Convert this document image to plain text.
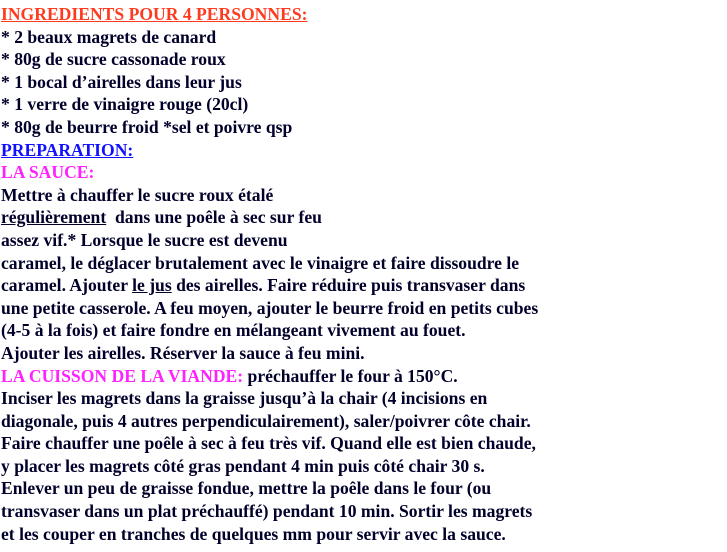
INGREDIENTS POUR 4 PERSONNES:
* 2 beaux magrets de canard
* 80g de sucre cassonade roux
* 1 bocal d’airelles dans leur jus
* 1 verre de vinaigre rouge (20cl)
* 80g de beurre froid *sel et poivre qsp
PREPARATION:
LA SAUCE:
Mettre à chauffer le sucre roux étalé
régulièrement  dans une poêle à sec sur feu
assez vif.* Lorsque le sucre est devenu
caramel, le déglacer brutalement avec le vinaigre et faire dissoudre le
caramel. Ajouter le jus des airelles. Faire réduire puis transvaser dans
une petite casserole. A feu moyen, ajouter le beurre froid en petits cubes
(4-5 à la fois) et faire fondre en mélangeant vivement au fouet.
Ajouter les airelles. Réserver la sauce à feu mini.
LA CUISSON DE LA VIANDE: préchauffer le four à 150°C.
Inciser les magrets dans la graisse jusqu’à la chair (4 incisions en
diagonale, puis 4 autres perpendiculairement), saler/poivrer côte chair.
Faire chauffer une poêle à sec à feu très vif. Quand elle est bien chaude,
y placer les magrets côté gras pendant 4 min puis côté chair 30 s.
Enlever un peu de graisse fondue, mettre la poêle dans le four (ou
transvaser dans un plat préchauffé) pendant 10 min. Sortir les magrets
et les couper en tranches de quelques mm pour servir avec la sauce.
